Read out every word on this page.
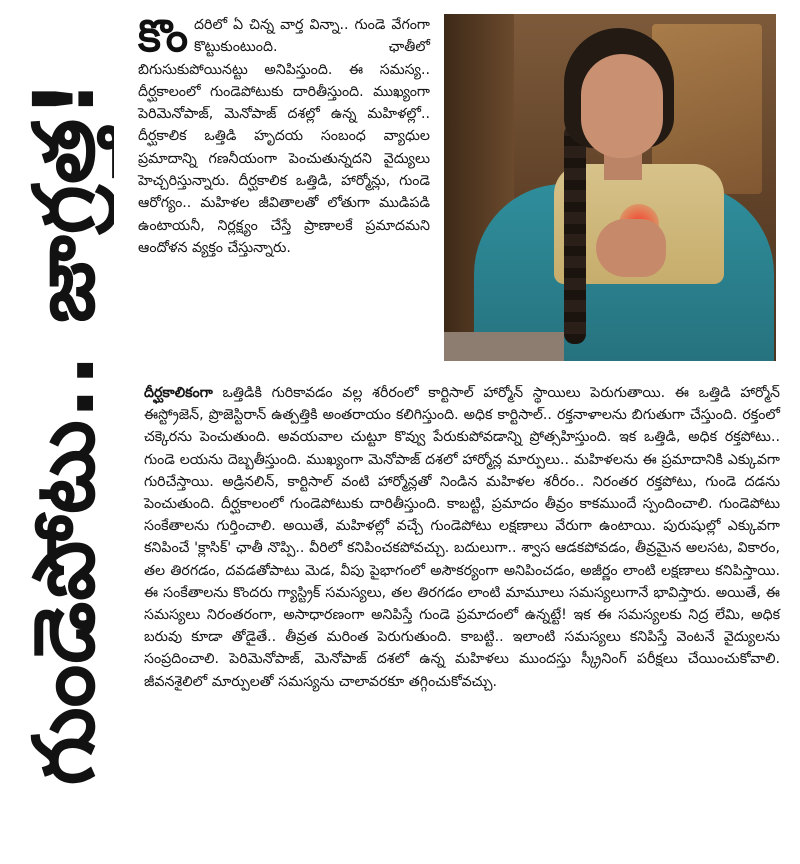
గుండెపోటు.. జాగ్రత్త!

కొందరిలో ఏ చిన్న వార్త విన్నా.. గుండె వేగంగా కొట్టుకుంటుంది. ఛాతీలో బిగుసుకుపోయినట్టు అనిపిస్తుంది. ఈ సమస్య.. దీర్ఘకాలంలో గుండెపోటుకు దారితీస్తుంది. ముఖ్యంగా పెరిమెనోపాజ్, మెనోపాజ్ దశల్లో ఉన్న మహిళల్లో.. దీర్ఘకాలిక ఒత్తిడి హృదయ సంబంధ వ్యాధుల ప్రమాదాన్ని గణనీయంగా పెంచుతున్నదని వైద్యులు హెచ్చరిస్తున్నారు. దీర్ఘకాలిక ఒత్తిడి, హార్మోన్లు, గుండె ఆరోగ్యం.. మహిళల జీవితాలతో లోతుగా ముడిపడి ఉంటాయనీ, నిర్లక్ష్యం చేస్తే ప్రాణాలకే ప్రమాదమని ఆందోళన వ్యక్తం చేస్తున్నారు.

దీర్ఘకాలికంగా ఒత్తిడికి గురికావడం వల్ల శరీరంలో కార్టిసాల్ హార్మోన్ స్థాయిలు పెరుగుతాయి. ఈ ఒత్తిడి హార్మోన్ ఈస్ట్రోజెన్, ప్రొజెస్టిరాన్ ఉత్పత్తికి అంతరాయం కలిగిస్తుంది. అధిక కార్టిసాల్.. రక్తనాళాలను బిగుతుగా చేస్తుంది. రక్తంలో చక్కెరను పెంచుతుంది. అవయవాల చుట్టూ కొవ్వు పేరుకుపోవడాన్ని ప్రోత్సహిస్తుంది. ఇక ఒత్తిడి, అధిక రక్తపోటు.. గుండె లయను దెబ్బతీస్తుంది. ముఖ్యంగా మెనోపాజ్ దశలో హార్మోన్ల మార్పులు.. మహిళలను ఈ ప్రమాదానికి ఎక్కువగా గురిచేస్తాయి. అడ్రినలిన్, కార్టిసాల్ వంటి హార్మోన్లతో నిండిన మహిళల శరీరం.. నిరంతర రక్తపోటు, గుండె దడను పెంచుతుంది. దీర్ఘకాలంలో గుండెపోటుకు దారితీస్తుంది. కాబట్టి, ప్రమాదం తీవ్రం కాకముందే స్పందించాలి. గుండెపోటు సంకేతాలను గుర్తించాలి. అయితే, మహిళల్లో వచ్చే గుండెపోటు లక్షణాలు వేరుగా ఉంటాయి. పురుషుల్లో ఎక్కువగా కనిపించే 'క్లాసిక్' ఛాతీ నొప్పి.. వీరిలో కనిపించకపోవచ్చు. బదులుగా.. శ్వాస ఆడకపోవడం, తీవ్రమైన అలసట, వికారం, తల తిరగడం, దవడతోపాటు మెడ, వీపు పైభాగంలో అసౌకర్యంగా అనిపించడం, అజీర్ణం లాంటి లక్షణాలు కనిపిస్తాయి. ఈ సంకేతాలను కొందరు గ్యాస్ట్రిక్ సమస్యలు, తల తిరగడం లాంటి మామూలు సమస్యలుగానే భావిస్తారు. అయితే, ఈ సమస్యలు నిరంతరంగా, అసాధారణంగా అనిపిస్తే గుండె ప్రమాదంలో ఉన్నట్టే! ఇక ఈ సమస్యలకు నిద్ర లేమి, అధిక బరువు కూడా తోడైతే.. తీవ్రత మరింత పెరుగుతుంది. కాబట్టి.. ఇలాంటి సమస్యలు కనిపిస్తే వెంటనే వైద్యులను సంప్రదించాలి. పెరిమెనోపాజ్, మెనోపాజ్ దశలో ఉన్న మహిళలు ముందస్తు స్క్రీనింగ్ పరీక్షలు చేయించుకోవాలి. జీవనశైలిలో మార్పులతో సమస్యను చాలావరకూ తగ్గించుకోవచ్చు.
